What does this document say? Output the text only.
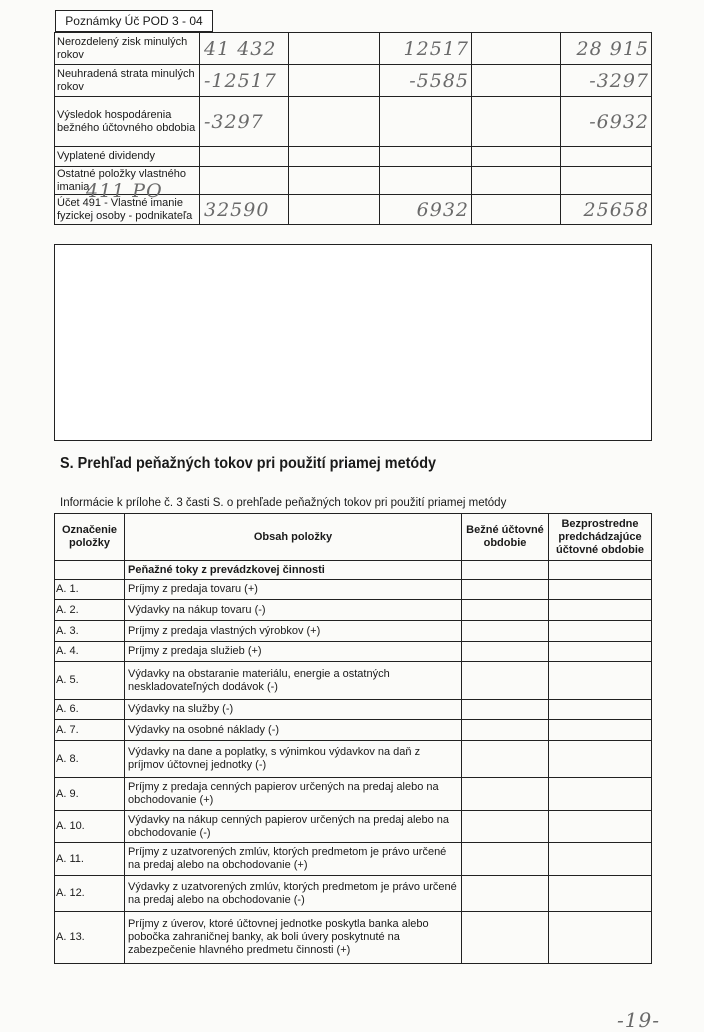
Poznámky Úč POD 3 - 04
Nerozdelený zisk minulých rokov	41 432		12517		28 915

Neuhradená strata minulých rokov	-12517		-5585		-3297

Výsledok hospodárenia bežného účtovného obdobia	-3297				-6932

Vyplatené dividendy	

Ostatné položky vlastného imania	

Účet 491 - Vlastné imanie fyzickej osoby - podnikateľa	32590		6932		25658
411 PO
S. Prehľad peňažných tokov pri použití priamej metódy
Informácie k prílohe č. 3 časti S. o prehľade peňažných tokov pri použití priamej metódy
Označenie položky	Obsah položky	Bežné účtovné obdobie	Bezprostredne predchádzajúce účtovné obdobie
	Peňažné toky z prevádzkovej činnosti		
A. 1.	Príjmy z predaja tovaru (+)		
A. 2.	Výdavky na nákup tovaru (-)		
A. 3.	Príjmy z predaja vlastných výrobkov (+)		
A. 4.	Príjmy z predaja služieb (+)		
A. 5.	Výdavky na obstaranie materiálu, energie a ostatných neskladovateľných dodávok (-)		
A. 6.	Výdavky na služby (-)		
A. 7.	Výdavky na osobné náklady (-)		
A. 8.	Výdavky na dane a poplatky, s výnimkou výdavkov na daň z príjmov účtovnej jednotky (-)		
A. 9.	Príjmy z predaja cenných papierov určených na predaj alebo na obchodovanie (+)		
A. 10.	Výdavky na nákup cenných papierov určených na predaj alebo na obchodovanie (-)		
A. 11.	Príjmy z uzatvorených zmlúv, ktorých predmetom je právo určené na predaj alebo na obchodovanie (+)		
A. 12.	Výdavky z uzatvorených zmlúv, ktorých predmetom je právo určené na predaj alebo na obchodovanie (-)		
A. 13.	Príjmy z úverov, ktoré účtovnej jednotke poskytla banka alebo pobočka zahraničnej banky, ak boli úvery poskytnuté na zabezpečenie hlavného predmetu činnosti (+)		
-19-
